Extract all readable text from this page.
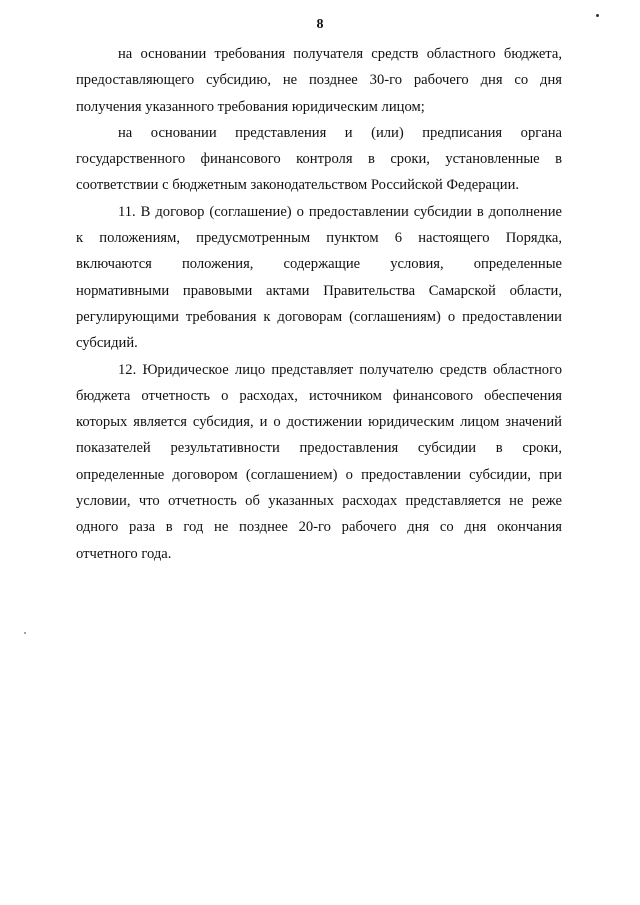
8
на основании требования получателя средств областного бюджета,
предоставляющего субсидию, не позднее 30-го рабочего дня со дня
получения указанного требования юридическим лицом;
на основании представления и (или) предписания органа
государственного финансового контроля в сроки, установленные в
соответствии с бюджетным законодательством Российской Федерации.
11. В договор (соглашение) о предоставлении субсидии в дополнение
к положениям, предусмотренным пунктом 6 настоящего Порядка,
включаются положения, содержащие условия, определенные
нормативными правовыми актами Правительства Самарской области,
регулирующими требования к договорам (соглашениям) о предоставлении
субсидий.
12. Юридическое лицо представляет получателю средств областного
бюджета отчетность о расходах, источником финансового обеспечения
которых является субсидия, и о достижении юридическим лицом значений
показателей результативности предоставления субсидии в сроки,
определенные договором (соглашением) о предоставлении субсидии, при
условии, что отчетность об указанных расходах представляется не реже
одного раза в год не позднее 20-го рабочего дня со дня окончания
отчетного года.
